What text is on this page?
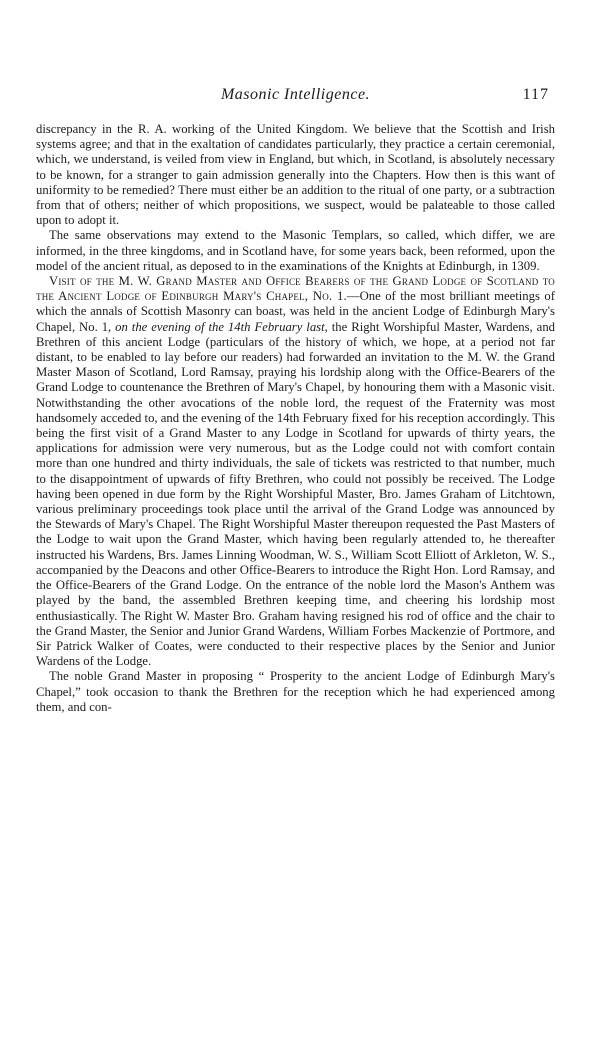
Masonic Intelligence.	117

discrepancy in the R. A. working of the United Kingdom. We believe that the Scottish and Irish systems agree; and that in the exaltation of candidates particularly, they practice a certain ceremonial, which, we understand, is veiled from view in England, but which, in Scotland, is absolutely necessary to be known, for a stranger to gain admission generally into the Chapters. How then is this want of uniformity to be remedied? There must either be an addition to the ritual of one party, or a subtraction from that of others; neither of which propositions, we suspect, would be palateable to those called upon to adopt it.

The same observations may extend to the Masonic Templars, so called, which differ, we are informed, in the three kingdoms, and in Scotland have, for some years back, been reformed, upon the model of the ancient ritual, as deposed to in the examinations of the Knights at Edinburgh, in 1309.

Visit of the M. W. Grand Master and Office Bearers of the Grand Lodge of Scotland to the Ancient Lodge of Edinburgh Mary's Chapel, No. 1.—One of the most brilliant meetings of which the annals of Scottish Masonry can boast, was held in the ancient Lodge of Edinburgh Mary's Chapel, No. 1, on the evening of the 14th February last, the Right Worshipful Master, Wardens, and Brethren of this ancient Lodge (particulars of the history of which, we hope, at a period not far distant, to be enabled to lay before our readers) had forwarded an invitation to the M. W. the Grand Master Mason of Scotland, Lord Ramsay, praying his lordship along with the Office-Bearers of the Grand Lodge to countenance the Brethren of Mary's Chapel, by honouring them with a Masonic visit. Notwithstanding the other avocations of the noble lord, the request of the Fraternity was most handsomely acceded to, and the evening of the 14th February fixed for his reception accordingly. This being the first visit of a Grand Master to any Lodge in Scotland for upwards of thirty years, the applications for admission were very numerous, but as the Lodge could not with comfort contain more than one hundred and thirty individuals, the sale of tickets was restricted to that number, much to the disappointment of upwards of fifty Brethren, who could not possibly be received. The Lodge having been opened in due form by the Right Worshipful Master, Bro. James Graham of Litchtown, various preliminary proceedings took place until the arrival of the Grand Lodge was announced by the Stewards of Mary's Chapel. The Right Worshipful Master thereupon requested the Past Masters of the Lodge to wait upon the Grand Master, which having been regularly attended to, he thereafter instructed his Wardens, Brs. James Linning Woodman, W. S., William Scott Elliott of Arkleton, W. S., accompanied by the Deacons and other Office-Bearers to introduce the Right Hon. Lord Ramsay, and the Office-Bearers of the Grand Lodge. On the entrance of the noble lord the Mason's Anthem was played by the band, the assembled Brethren keeping time, and cheering his lordship most enthusiastically. The Right W. Master Bro. Graham having resigned his rod of office and the chair to the Grand Master, the Senior and Junior Grand Wardens, William Forbes Mackenzie of Portmore, and Sir Patrick Walker of Coates, were conducted to their respective places by the Senior and Junior Wardens of the Lodge.

The noble Grand Master in proposing “ Prosperity to the ancient Lodge of Edinburgh Mary's Chapel,” took occasion to thank the Brethren for the reception which he had experienced among them, and con-
